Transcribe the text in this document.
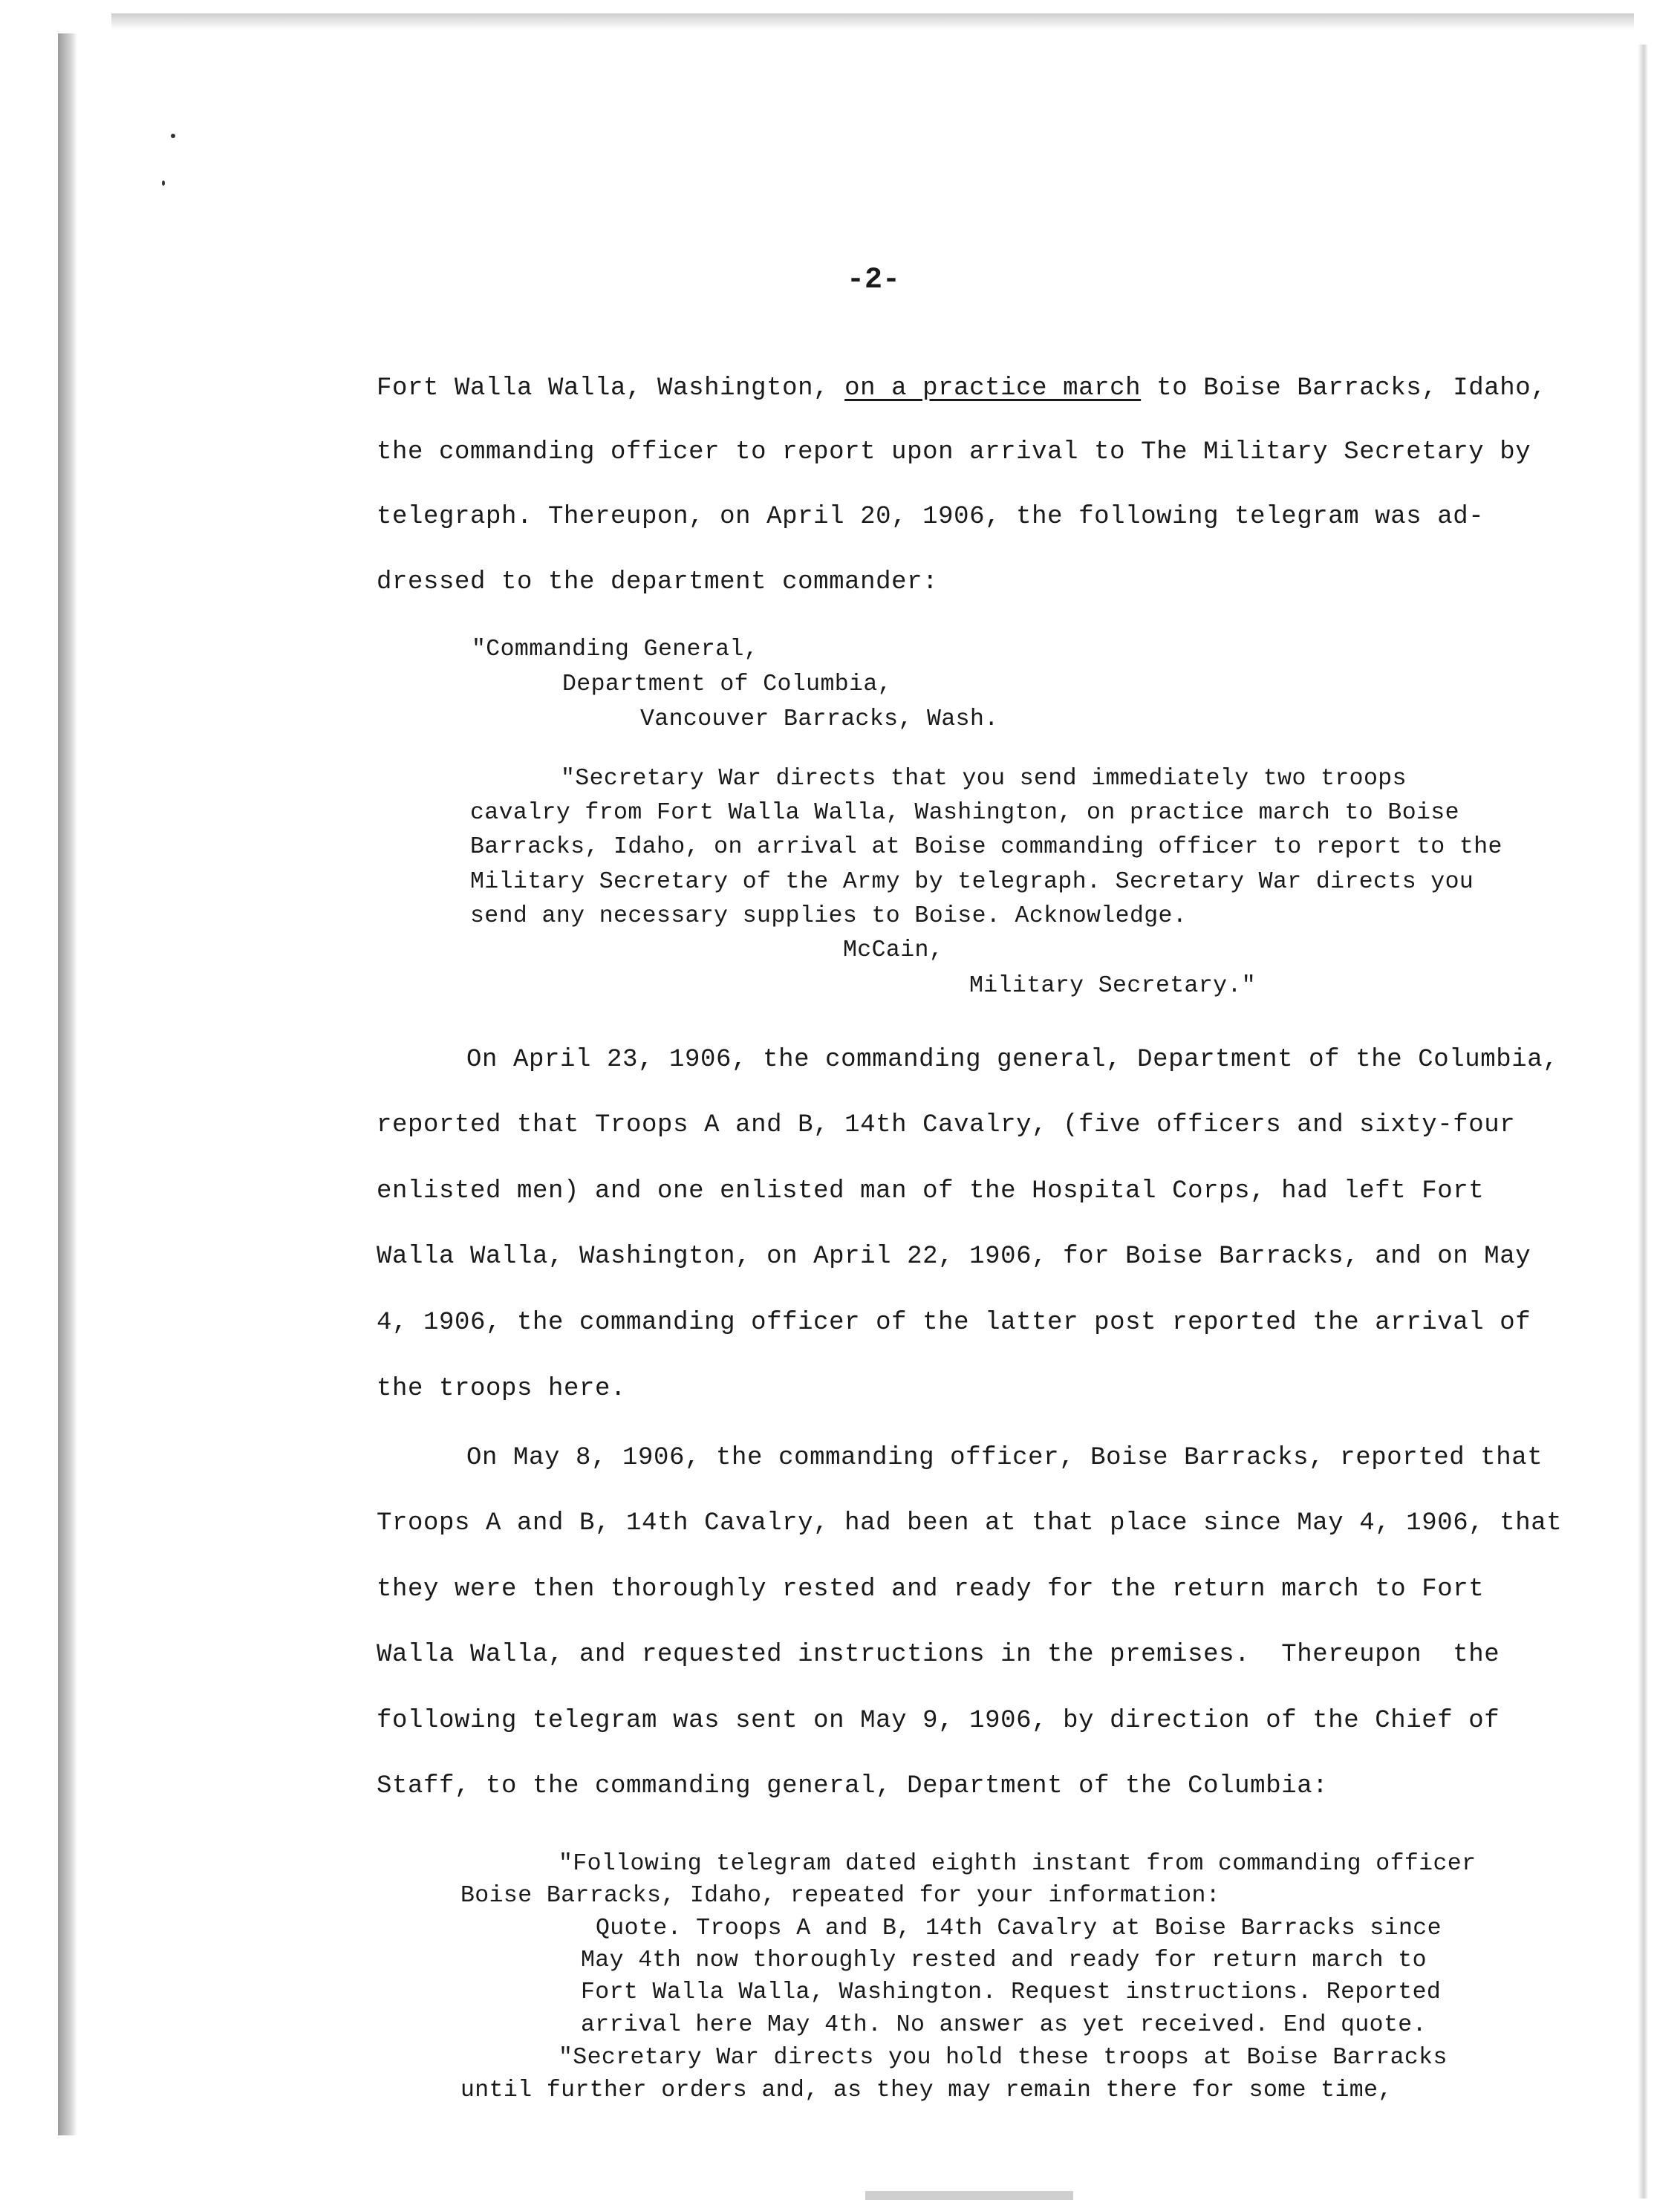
-2-
Fort Walla Walla, Washington, on a practice march to Boise Barracks, Idaho,
the commanding officer to report upon arrival to The Military Secretary by
telegraph. Thereupon, on April 20, 1906, the following telegram was ad-
dressed to the department commander:
"Commanding General,
Department of Columbia,
Vancouver Barracks, Wash.
"Secretary War directs that you send immediately two troops
cavalry from Fort Walla Walla, Washington, on practice march to Boise
Barracks, Idaho, on arrival at Boise commanding officer to report to the
Military Secretary of the Army by telegraph. Secretary War directs you
send any necessary supplies to Boise. Acknowledge.
McCain,
Military Secretary."
On April 23, 1906, the commanding general, Department of the Columbia,
reported that Troops A and B, 14th Cavalry, (five officers and sixty-four
enlisted men) and one enlisted man of the Hospital Corps, had left Fort
Walla Walla, Washington, on April 22, 1906, for Boise Barracks, and on May
4, 1906, the commanding officer of the latter post reported the arrival of
the troops here.
On May 8, 1906, the commanding officer, Boise Barracks, reported that
Troops A and B, 14th Cavalry, had been at that place since May 4, 1906, that
they were then thoroughly rested and ready for the return march to Fort
Walla Walla, and requested instructions in the premises.  Thereupon  the
following telegram was sent on May 9, 1906, by direction of the Chief of
Staff, to the commanding general, Department of the Columbia:
"Following telegram dated eighth instant from commanding officer
Boise Barracks, Idaho, repeated for your information:
Quote. Troops A and B, 14th Cavalry at Boise Barracks since
May 4th now thoroughly rested and ready for return march to
Fort Walla Walla, Washington. Request instructions. Reported
arrival here May 4th. No answer as yet received. End quote.
"Secretary War directs you hold these troops at Boise Barracks
until further orders and, as they may remain there for some time,
